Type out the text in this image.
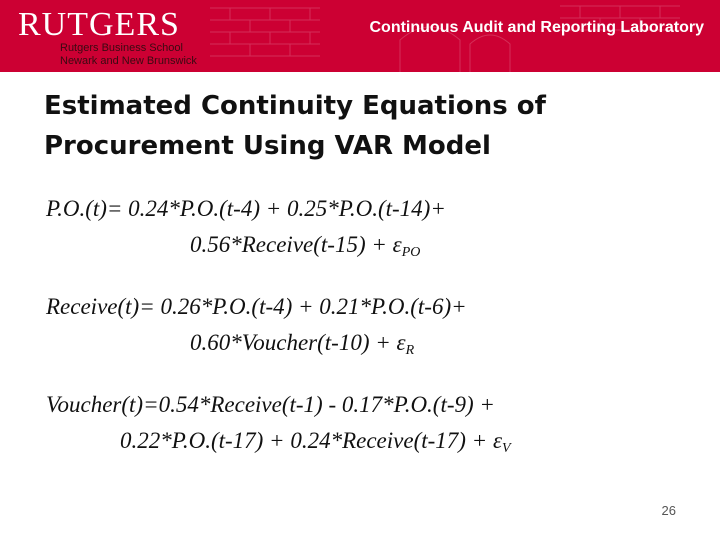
RUTGERS
Rutgers Business School
Newark and New Brunswick
Continuous Audit and Reporting Laboratory
Estimated Continuity Equations of
Procurement Using VAR Model
P.O.(t)= 0.24*P.O.(t-4) + 0.25*P.O.(t-14)+
0.56*Receive(t-15) + $\varepsilon_{PO}$
Receive(t)= 0.26*P.O.(t-4) + 0.21*P.O.(t-6)+
0.60*Voucher(t-10) + $\varepsilon_R$
Voucher(t)=0.54*Receive(t-1) - 0.17*P.O.(t-9) +
0.22*P.O.(t-17) + 0.24*Receive(t-17) + $\varepsilon_V$
26
